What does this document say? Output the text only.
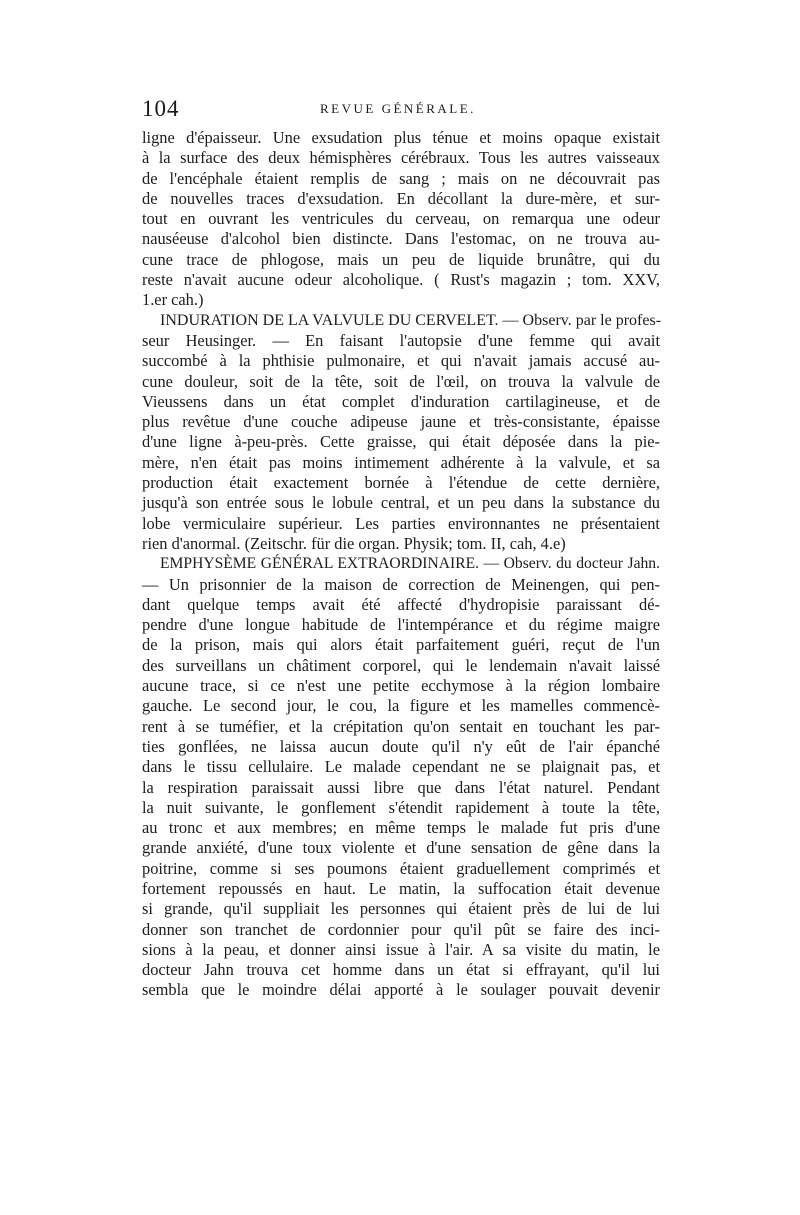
104	REVUE GÉNÉRALE.
ligne d'épaisseur. Une exsudation plus ténue et moins opaque existait
à la surface des deux hémisphères cérébraux. Tous les autres vaisseaux
de l'encéphale étaient remplis de sang ; mais on ne découvrait pas
de nouvelles traces d'exsudation. En décollant la dure-mère, et sur-
tout en ouvrant les ventricules du cerveau, on remarqua une odeur
nauséeuse d'alcohol bien distincte. Dans l'estomac, on ne trouva au-
cune trace de phlogose, mais un peu de liquide brunâtre, qui du
reste n'avait aucune odeur alcoholique. ( Rust's magazin ; tom. XXV,
1.er cah.)
INDURATION DE LA VALVULE DU CERVELET. — Observ. par le profes-
seur Heusinger. — En faisant l'autopsie d'une femme qui avait
succombé à la phthisie pulmonaire, et qui n'avait jamais accusé au-
cune douleur, soit de la tête, soit de l'œil, on trouva la valvule de
Vieussens dans un état complet d'induration cartilagineuse, et de
plus revêtue d'une couche adipeuse jaune et très-consistante, épaisse
d'une ligne à-peu-près. Cette graisse, qui était déposée dans la pie-
mère, n'en était pas moins intimement adhérente à la valvule, et sa
production était exactement bornée à l'étendue de cette dernière,
jusqu'à son entrée sous le lobule central, et un peu dans la substance du
lobe vermiculaire supérieur. Les parties environnantes ne présentaient
rien d'anormal. (Zeitschr. für die organ. Physik; tom. II, cah, 4.e)
EMPHYSÈME GÉNÉRAL EXTRAORDINAIRE. — Observ. du docteur Jahn.
— Un prisonnier de la maison de correction de Meinengen, qui pen-
dant quelque temps avait été affecté d'hydropisie paraissant dé-
pendre d'une longue habitude de l'intempérance et du régime maigre
de la prison, mais qui alors était parfaitement guéri, reçut de l'un
des surveillans un châtiment corporel, qui le lendemain n'avait laissé
aucune trace, si ce n'est une petite ecchymose à la région lombaire
gauche. Le second jour, le cou, la figure et les mamelles commencè-
rent à se tuméfier, et la crépitation qu'on sentait en touchant les par-
ties gonflées, ne laissa aucun doute qu'il n'y eût de l'air épanché
dans le tissu cellulaire. Le malade cependant ne se plaignait pas, et
la respiration paraissait aussi libre que dans l'état naturel. Pendant
la nuit suivante, le gonflement s'étendit rapidement à toute la tête,
au tronc et aux membres; en même temps le malade fut pris d'une
grande anxiété, d'une toux violente et d'une sensation de gêne dans la
poitrine, comme si ses poumons étaient graduellement comprimés et
fortement repoussés en haut. Le matin, la suffocation était devenue
si grande, qu'il suppliait les personnes qui étaient près de lui de lui
donner son tranchet de cordonnier pour qu'il pût se faire des inci-
sions à la peau, et donner ainsi issue à l'air. A sa visite du matin, le
docteur Jahn trouva cet homme dans un état si effrayant, qu'il lui
sembla que le moindre délai apporté à le soulager pouvait devenir
